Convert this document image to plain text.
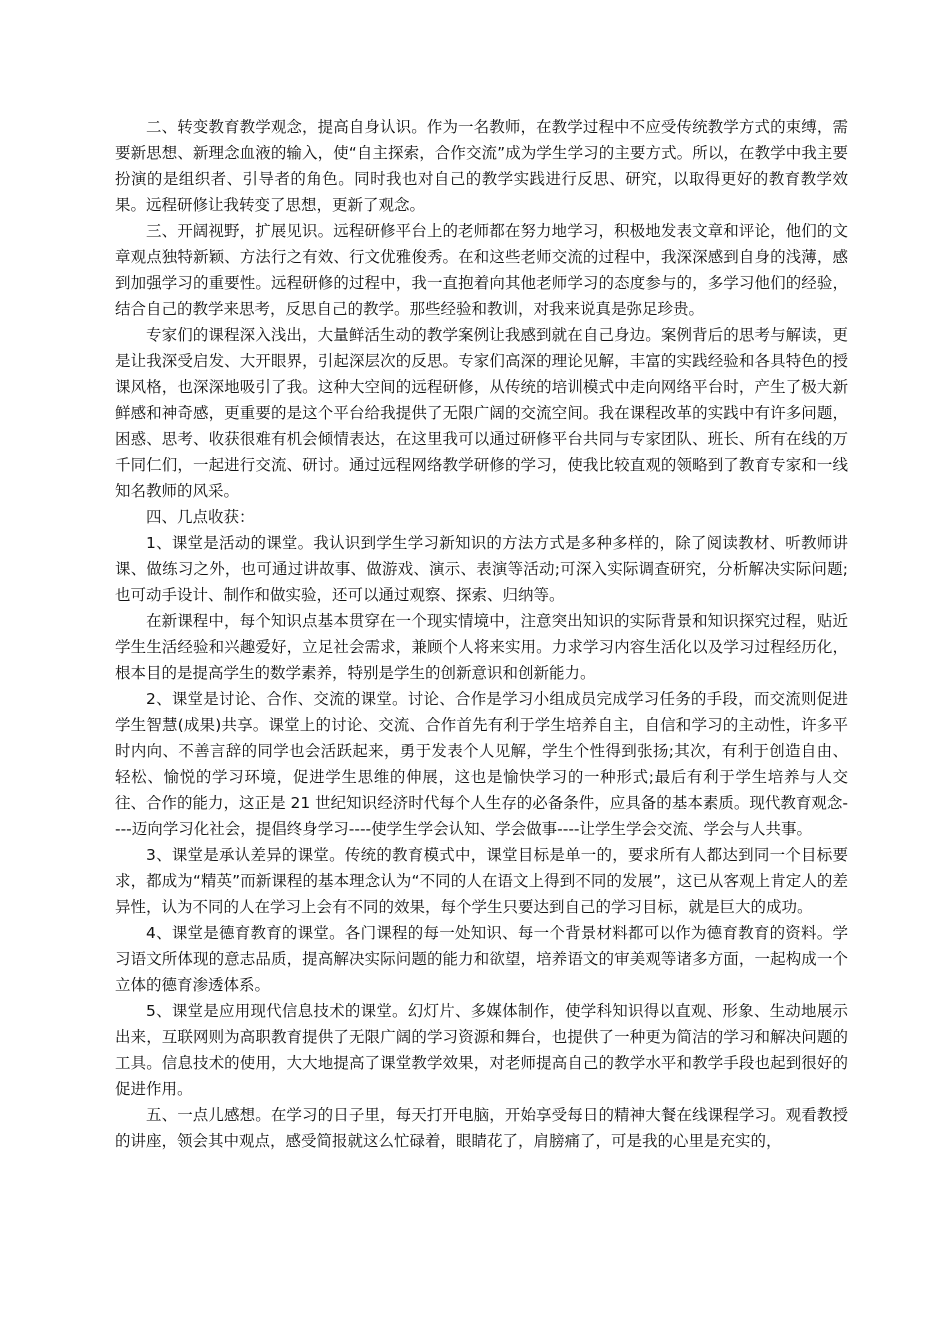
二、转变教育教学观念，提高自身认识。作为一名教师，在教学过程中不应受传统教学方式的束缚，需要新思想、新理念血液的输入，使“自主探索，合作交流”成为学生学习的主要方式。所以，在教学中我主要扮演的是组织者、引导者的角色。同时我也对自己的教学实践进行反思、研究，以取得更好的教育教学效果。远程研修让我转变了思想，更新了观念。

三、开阔视野，扩展见识。远程研修平台上的老师都在努力地学习，积极地发表文章和评论，他们的文章观点独特新颖、方法行之有效、行文优雅俊秀。在和这些老师交流的过程中，我深深感到自身的浅薄，感到加强学习的重要性。远程研修的过程中，我一直抱着向其他老师学习的态度参与的，多学习他们的经验，结合自己的教学来思考，反思自己的教学。那些经验和教训，对我来说真是弥足珍贵。

专家们的课程深入浅出，大量鲜活生动的教学案例让我感到就在自己身边。案例背后的思考与解读，更是让我深受启发、大开眼界，引起深层次的反思。专家们高深的理论见解，丰富的实践经验和各具特色的授课风格，也深深地吸引了我。这种大空间的远程研修，从传统的培训模式中走向网络平台时，产生了极大新鲜感和神奇感，更重要的是这个平台给我提供了无限广阔的交流空间。我在课程改革的实践中有许多问题，困惑、思考、收获很难有机会倾情表达，在这里我可以通过研修平台共同与专家团队、班长、所有在线的万千同仁们，一起进行交流、研讨。通过远程网络教学研修的学习，使我比较直观的领略到了教育专家和一线知名教师的风采。

四、几点收获：

1、课堂是活动的课堂。我认识到学生学习新知识的方法方式是多种多样的，除了阅读教材、听教师讲课、做练习之外，也可通过讲故事、做游戏、演示、表演等活动;可深入实际调查研究，分析解决实际问题;也可动手设计、制作和做实验，还可以通过观察、探索、归纳等。

在新课程中，每个知识点基本贯穿在一个现实情境中，注意突出知识的实际背景和知识探究过程，贴近学生生活经验和兴趣爱好，立足社会需求，兼顾个人将来实用。力求学习内容生活化以及学习过程经历化，根本目的是提高学生的数学素养，特别是学生的创新意识和创新能力。

2、课堂是讨论、合作、交流的课堂。讨论、合作是学习小组成员完成学习任务的手段，而交流则促进学生智慧(成果)共享。课堂上的讨论、交流、合作首先有利于学生培养自主，自信和学习的主动性，许多平时内向、不善言辞的同学也会活跃起来，勇于发表个人见解，学生个性得到张扬;其次，有利于创造自由、轻松、愉悦的学习环境，促进学生思维的伸展，这也是愉快学习的一种形式;最后有利于学生培养与人交往、合作的能力，这正是 21 世纪知识经济时代每个人生存的必备条件，应具备的基本素质。现代教育观念----迈向学习化社会，提倡终身学习----使学生学会认知、学会做事----让学生学会交流、学会与人共事。

3、课堂是承认差异的课堂。传统的教育模式中，课堂目标是单一的，要求所有人都达到同一个目标要求，都成为“精英”而新课程的基本理念认为“不同的人在语文上得到不同的发展”，这已从客观上肯定人的差异性，认为不同的人在学习上会有不同的效果，每个学生只要达到自己的学习目标，就是巨大的成功。

4、课堂是德育教育的课堂。各门课程的每一处知识、每一个背景材料都可以作为德育教育的资料。学习语文所体现的意志品质，提高解决实际问题的能力和欲望，培养语文的审美观等诸多方面，一起构成一个立体的德育渗透体系。

5、课堂是应用现代信息技术的课堂。幻灯片、多媒体制作，使学科知识得以直观、形象、生动地展示出来，互联网则为高职教育提供了无限广阔的学习资源和舞台，也提供了一种更为简洁的学习和解决问题的工具。信息技术的使用，大大地提高了课堂教学效果，对老师提高自己的教学水平和教学手段也起到很好的促进作用。

五、一点儿感想。在学习的日子里，每天打开电脑，开始享受每日的精神大餐在线课程学习。观看教授的讲座，领会其中观点，感受简报就这么忙碌着，眼睛花了，肩膀痛了，可是我的心里是充实的，
